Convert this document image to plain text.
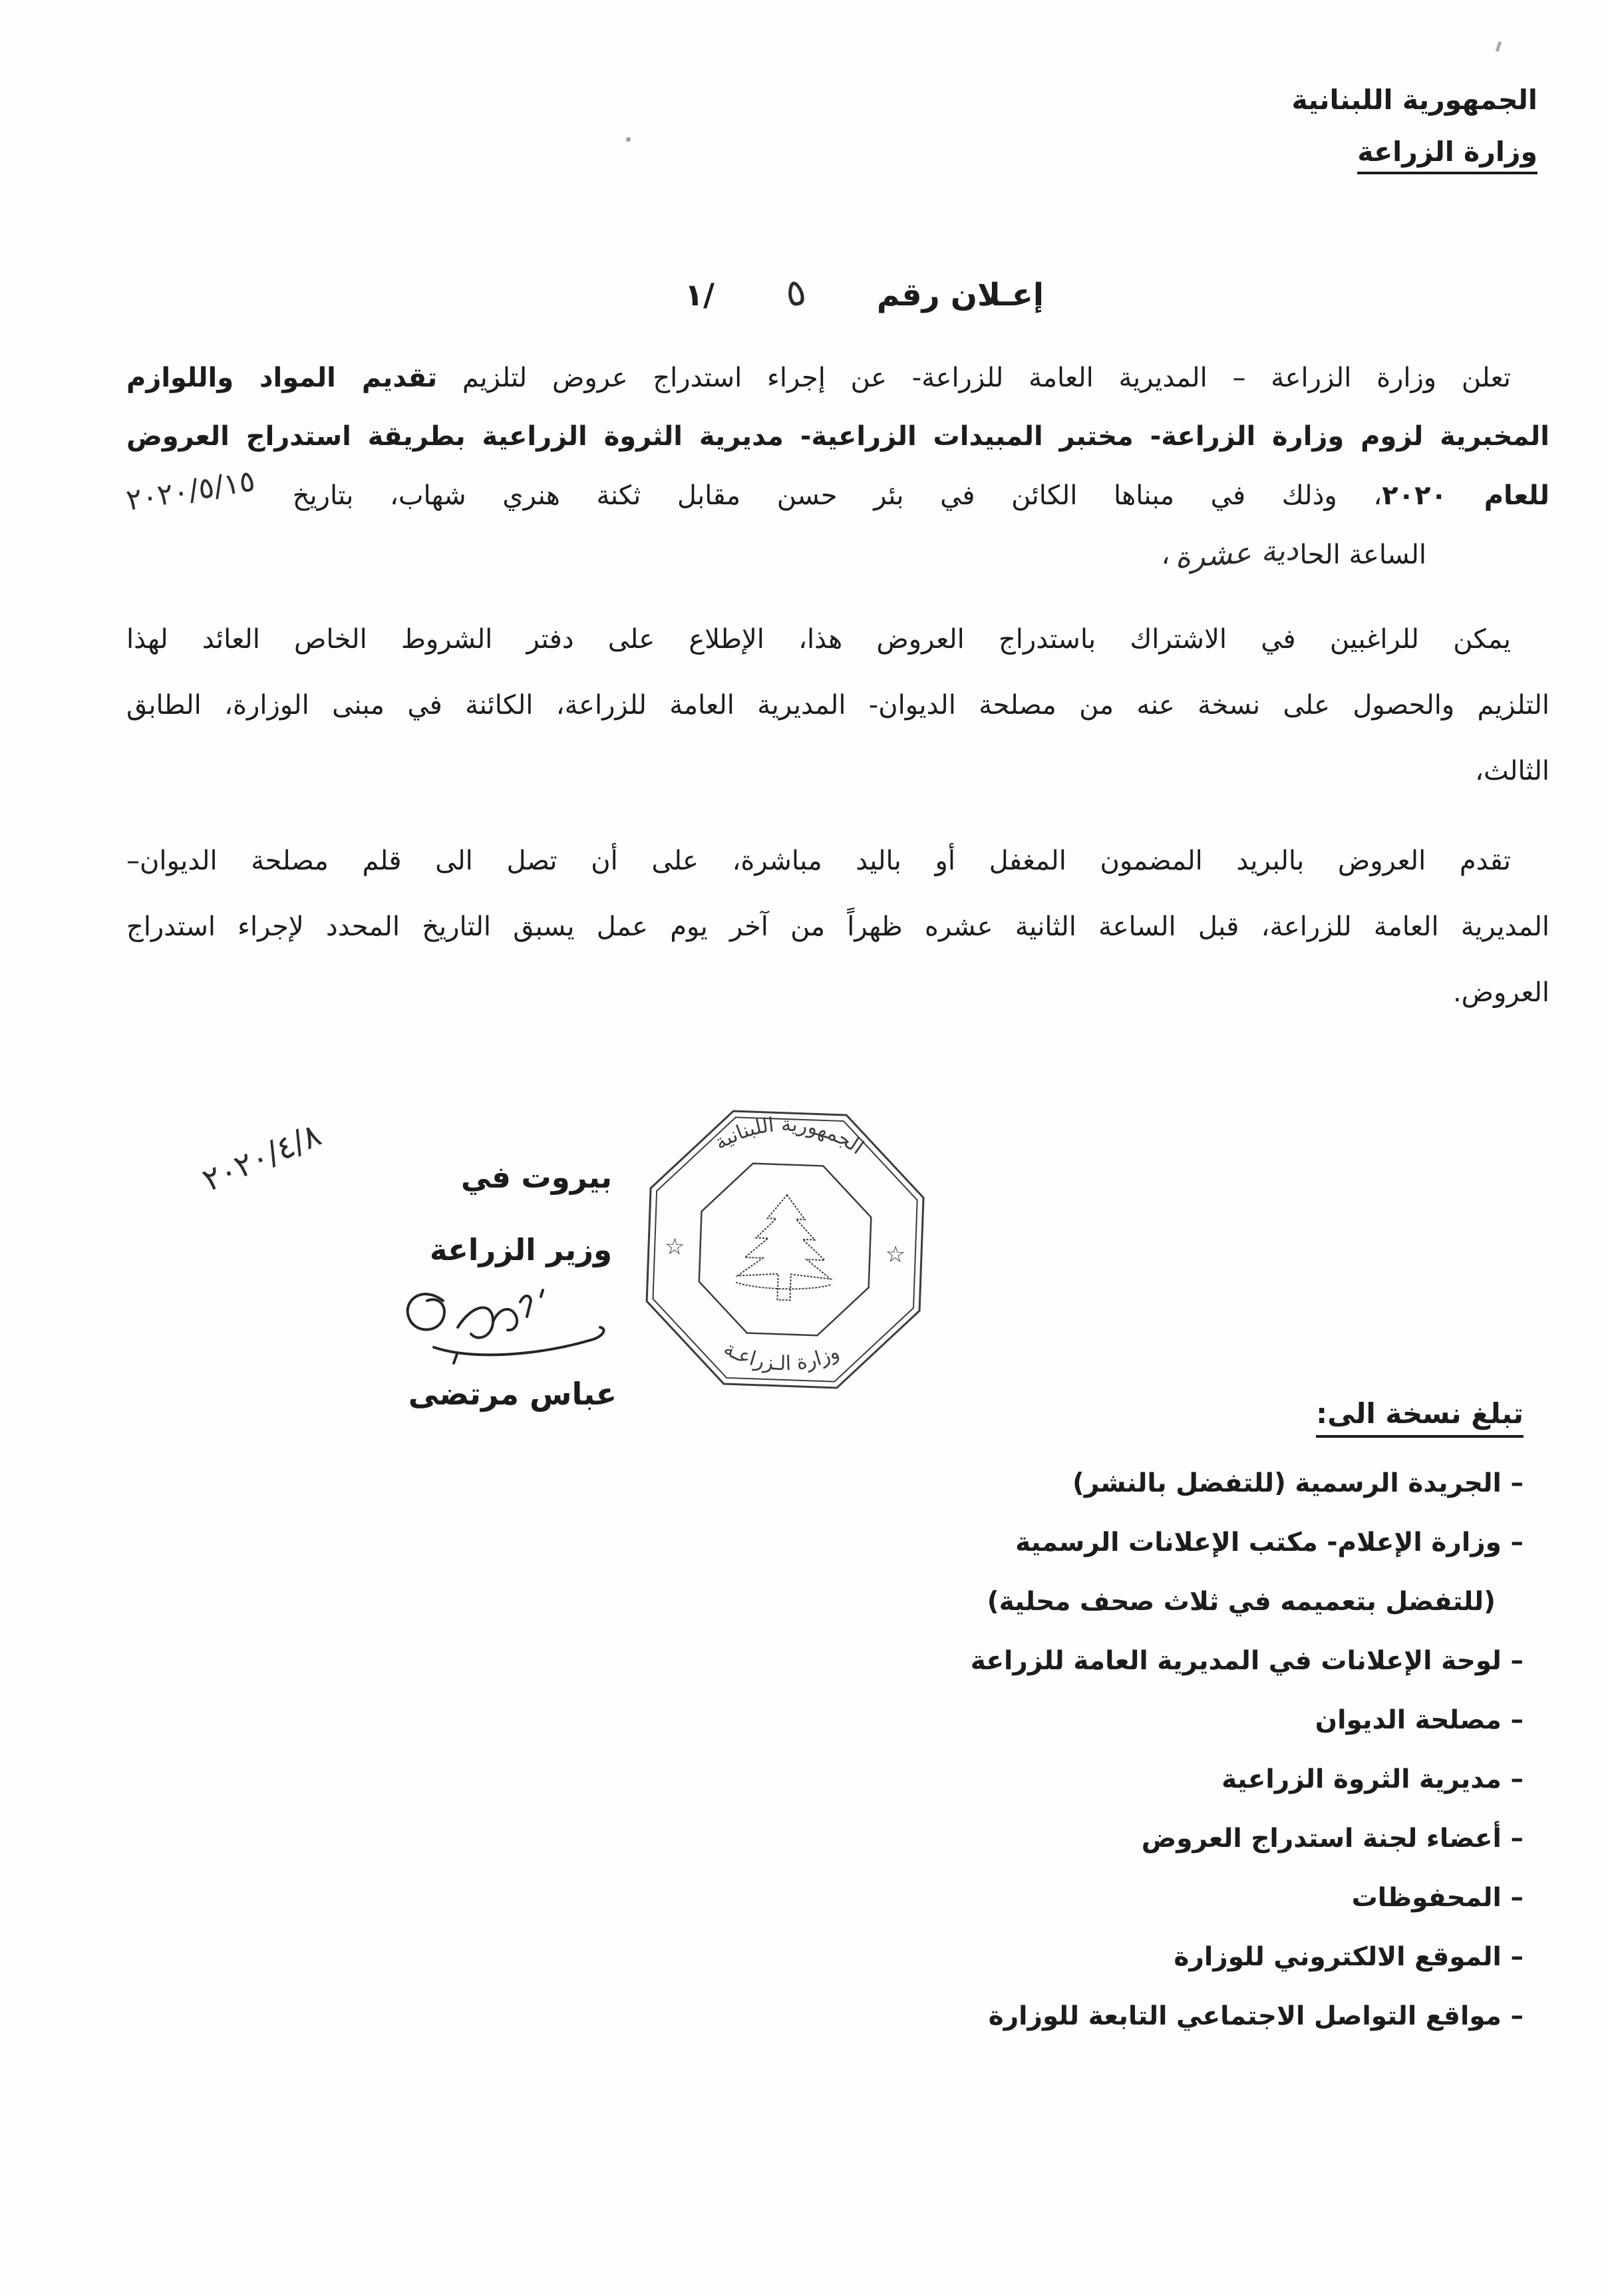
الجمهورية اللبنانية
وزارة الزراعة
إعـلان رقم
٥
١/
تعلن وزارة الزراعة – المديرية العامة للزراعة- عن إجراء استدراج عروض لتلزيم تقديم المواد واللوازم
المخبرية لزوم وزارة الزراعة- مختبر المبيدات الزراعية- مديرية الثروة الزراعية بطريقة استدراج العروض
للعام ٢٠٢٠، وذلك في مبناها الكائن في بئر حسن مقابل ثكنة هنري شهاب، بتاريخ ٢٠٢٠/٥/١٥
الساعة الحادية عشرة ،
يمكن للراغبين في الاشتراك باستدراج العروض هذا، الإطلاع على دفتر الشروط الخاص العائد لهذا
التلزيم والحصول على نسخة عنه من مصلحة الديوان- المديرية العامة للزراعة، الكائنة في مبنى الوزارة، الطابق
الثالث،
تقدم العروض بالبريد المضمون المغفل أو باليد مباشرة، على أن تصل الى قلم مصلحة الديوان–
المديرية العامة للزراعة، قبل الساعة الثانية عشره ظهراً من آخر يوم عمل يسبق التاريخ المحدد لإجراء استدراج
العروض.
بيروت في
٢٠٢٠/٤/٨
وزير الزراعة
عباس مرتضى
الجمهورية اللبنانية
وزارة الـزراعـة
☆	☆
تبلغ نسخة الى:
– الجريدة الرسمية (للتفضل بالنشر)
– وزارة الإعلام- مكتب الإعلانات الرسمية
(للتفضل بتعميمه في ثلاث صحف محلية)
– لوحة الإعلانات في المديرية العامة للزراعة
– مصلحة الديوان
– مديرية الثروة الزراعية
– أعضاء لجنة استدراج العروض
– المحفوظات
– الموقع الالكتروني للوزارة
– مواقع التواصل الاجتماعي التابعة للوزارة
